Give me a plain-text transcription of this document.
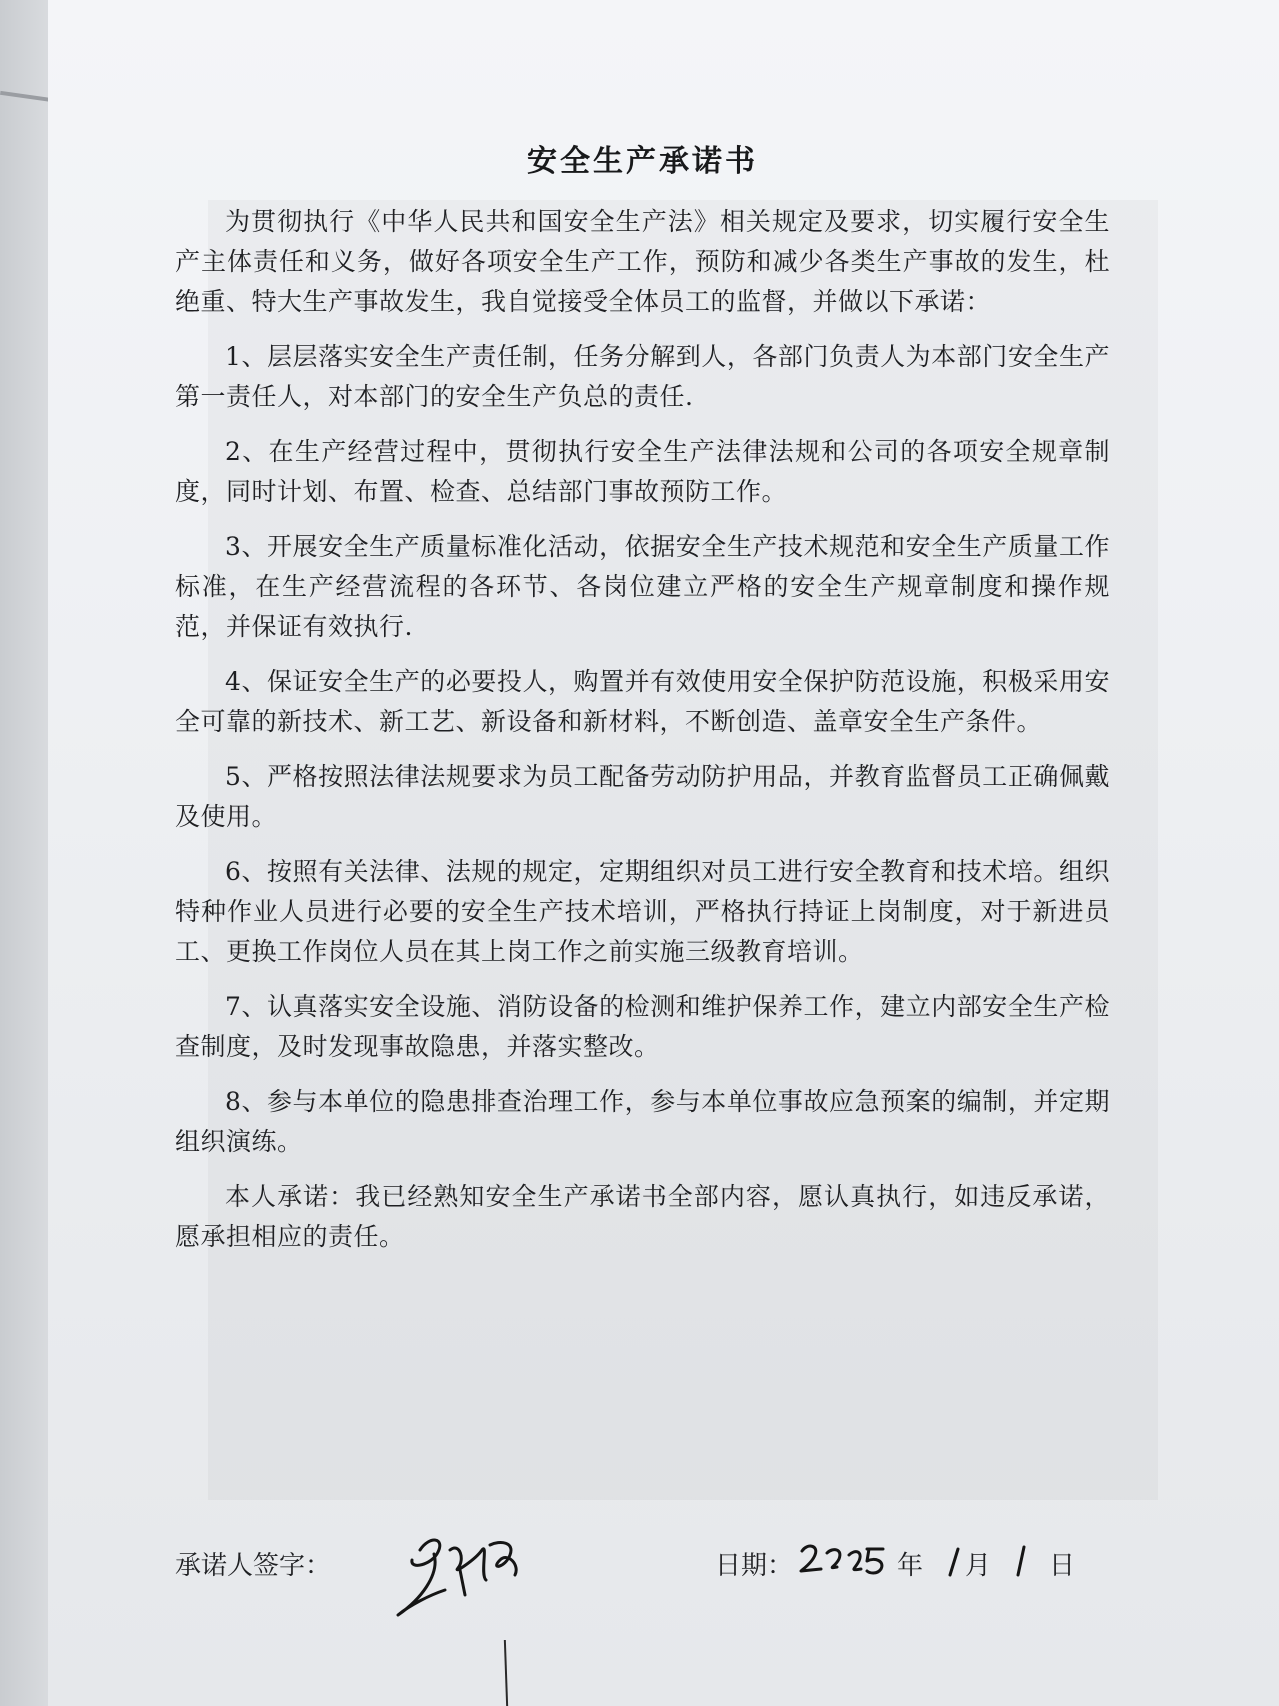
安全生产承诺书

为贯彻执行《中华人民共和国安全生产法》相关规定及要求，切实履行安全生产主体责任和义务，做好各项安全生产工作，预防和减少各类生产事故的发生，杜绝重、特大生产事故发生，我自觉接受全体员工的监督，并做以下承诺：

1、层层落实安全生产责任制，任务分解到人，各部门负责人为本部门安全生产第一责任人，对本部门的安全生产负总的责任.

2、在生产经营过程中，贯彻执行安全生产法律法规和公司的各项安全规章制度，同时计划、布置、检查、总结部门事故预防工作。

3、开展安全生产质量标准化活动，依据安全生产技术规范和安全生产质量工作标准，在生产经营流程的各环节、各岗位建立严格的安全生产规章制度和操作规范，并保证有效执行.

4、保证安全生产的必要投人，购置并有效使用安全保护防范设施，积极采用安全可靠的新技术、新工艺、新设备和新材料，不断创造、盖章安全生产条件。

5、严格按照法律法规要求为员工配备劳动防护用品，并教育监督员工正确佩戴及使用。

6、按照有关法律、法规的规定，定期组织对员工进行安全教育和技术培。组织特种作业人员进行必要的安全生产技术培训，严格执行持证上岗制度，对于新进员工、更换工作岗位人员在其上岗工作之前实施三级教育培训。

7、认真落实安全设施、消防设备的检测和维护保养工作，建立内部安全生产检查制度，及时发现事故隐患，并落实整改。

8、参与本单位的隐患排查治理工作，参与本单位事故应急预案的编制，并定期组织演练。

本人承诺：我已经熟知安全生产承诺书全部内容，愿认真执行，如违反承诺，愿承担相应的责任。

承诺人签字：	日期：	年 月 日
